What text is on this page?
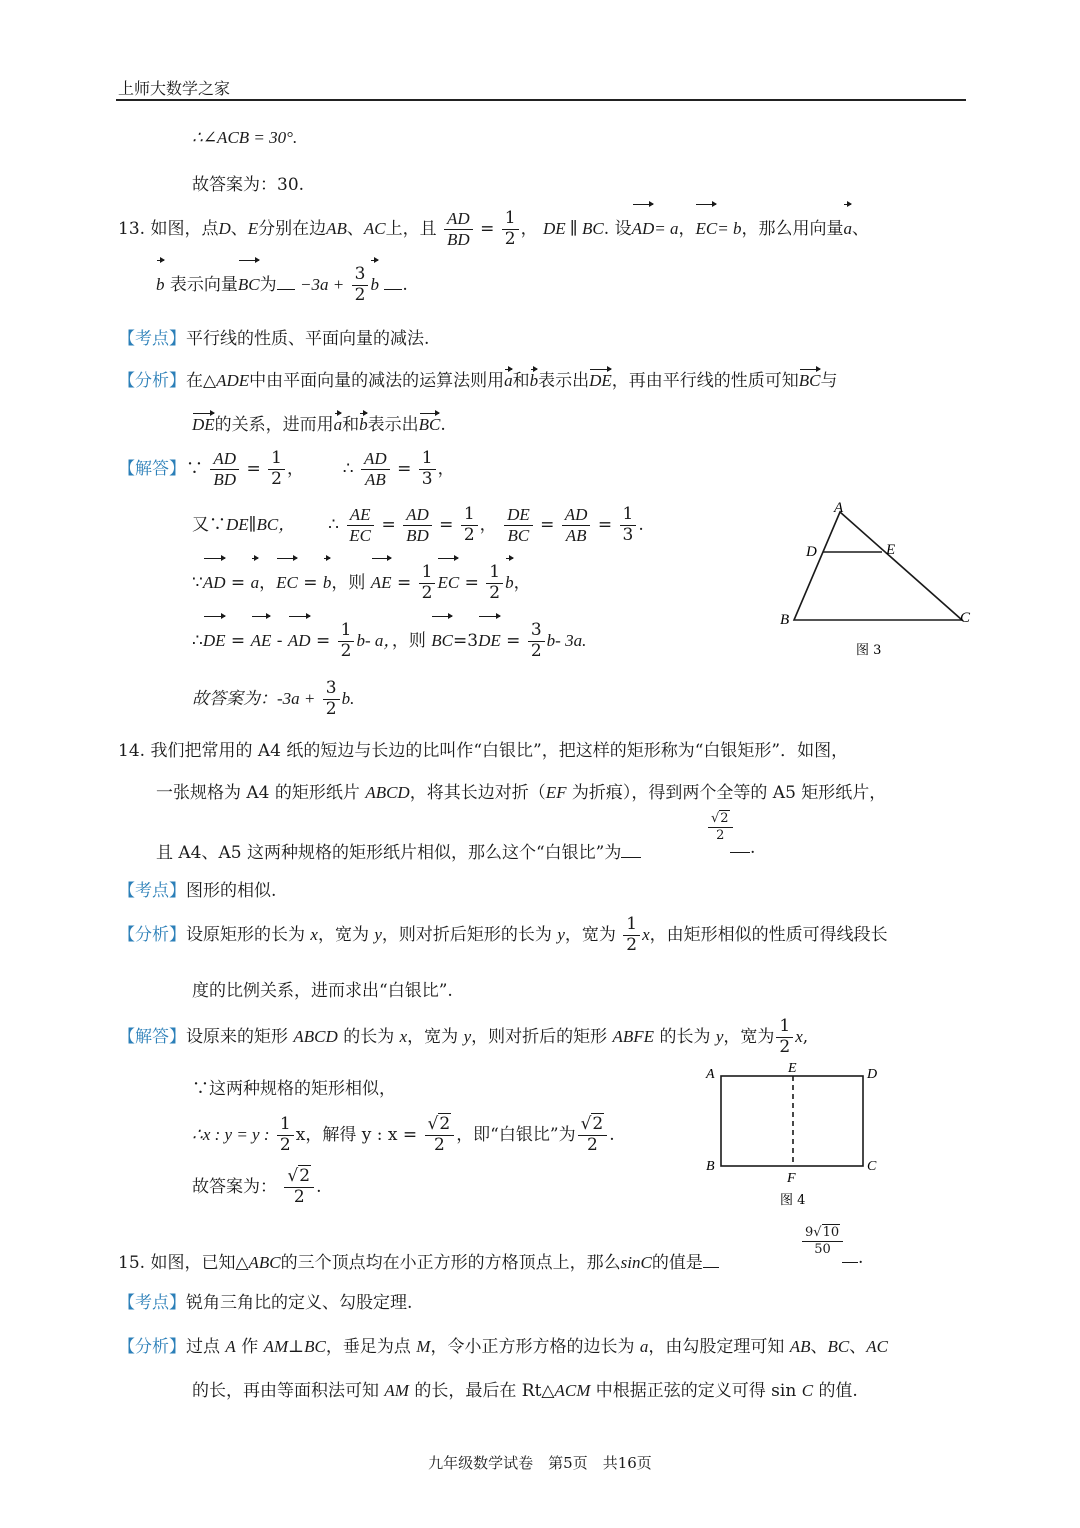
上师大数学之家
∴∠ACB = 30°.
故答案为：30.
13. 如图，点D、E分别在边AB、AC上，且 $\frac{AD}{BD} = \frac{1}{2}$ ， DE ∥ BC. 设AD= a，EC= b，那么用向量a、
b 表示向量BC为 $-3a + \frac{3}{2}$ b .
【考点】平行线的性质、平面向量的减法.
【分析】在△ADE中由平面向量的减法的运算法则用a和b表示出DE，再由平行线的性质可知BC与
DE的关系，进而用a和b表示出BC.
【解答】∵ $\frac{AD}{BD} = \frac{1}{2}$ ， ∴ $\frac{AD}{AB} = \frac{1}{3}$ ，
又∵DE∥BC， ∴ $\frac{AE}{EC} = \frac{AD}{BD} = \frac{1}{2}$ ， $\frac{DE}{BC} = \frac{AD}{AB} = \frac{1}{3}$ .
∵AD = a，EC = b，则 AE = $\frac{1}{2}$ EC = $\frac{1}{2}$ b，
∴DE = AE - AD = $\frac{1}{2} b-$ a，，则 $BC=3DE = \frac{3}{2} b-$ 3a.
故答案为：$-3a + \frac{3}{2} b$.
A
D	E
B	C
图 3
14. 我们把常用的 A4 纸的短边与长边的比叫作“白银比”，把这样的矩形称为“白银矩形”．如图，
一张规格为 A4 的矩形纸片 ABCD，将其长边对折（EF 为折痕），得到两个全等的 A5 矩形纸片，
且 A4、A5 这两种规格的矩形纸片相似，那么这个“白银比”为
$\frac{√2}{2}$
.
【考点】图形的相似.
【分析】设原矩形的长为 x，宽为 y，则对折后矩形的长为 y，宽为 $\frac{1}{2}$ x，由矩形相似的性质可得线段长
度的比例关系，进而求出“白银比”.
【解答】设原来的矩形 ABCD 的长为 x，宽为 y，则对折后的矩形 ABFE 的长为 y，宽为 $\frac{1}{2} x$,
∵这两种规格的矩形相似，
∴x : y = y : $\frac{1}{2}$ x，解得 y : $x = \frac{√2}{2}$ ，即“白银比”为 $\frac{√2}{2}$ .
故答案为： $\frac{√2}{2}$ .
A	E	D
B
F
C
图 4
15. 如图，已知△ABC的三个顶点均在小正方形的方格顶点上，那么sinC的值是
$\frac{9√10}{50}$
.
【考点】锐角三角比的定义、勾股定理.
【分析】过点 A 作 AM⊥BC，垂足为点 M，令小正方形方格的边长为 a，由勾股定理可知 AB、BC、AC
的长，再由等面积法可知 AM 的长，最后在 Rt△ACM 中根据正弦的定义可得 sin C 的值.
九年级数学试卷　第5页　共16页
